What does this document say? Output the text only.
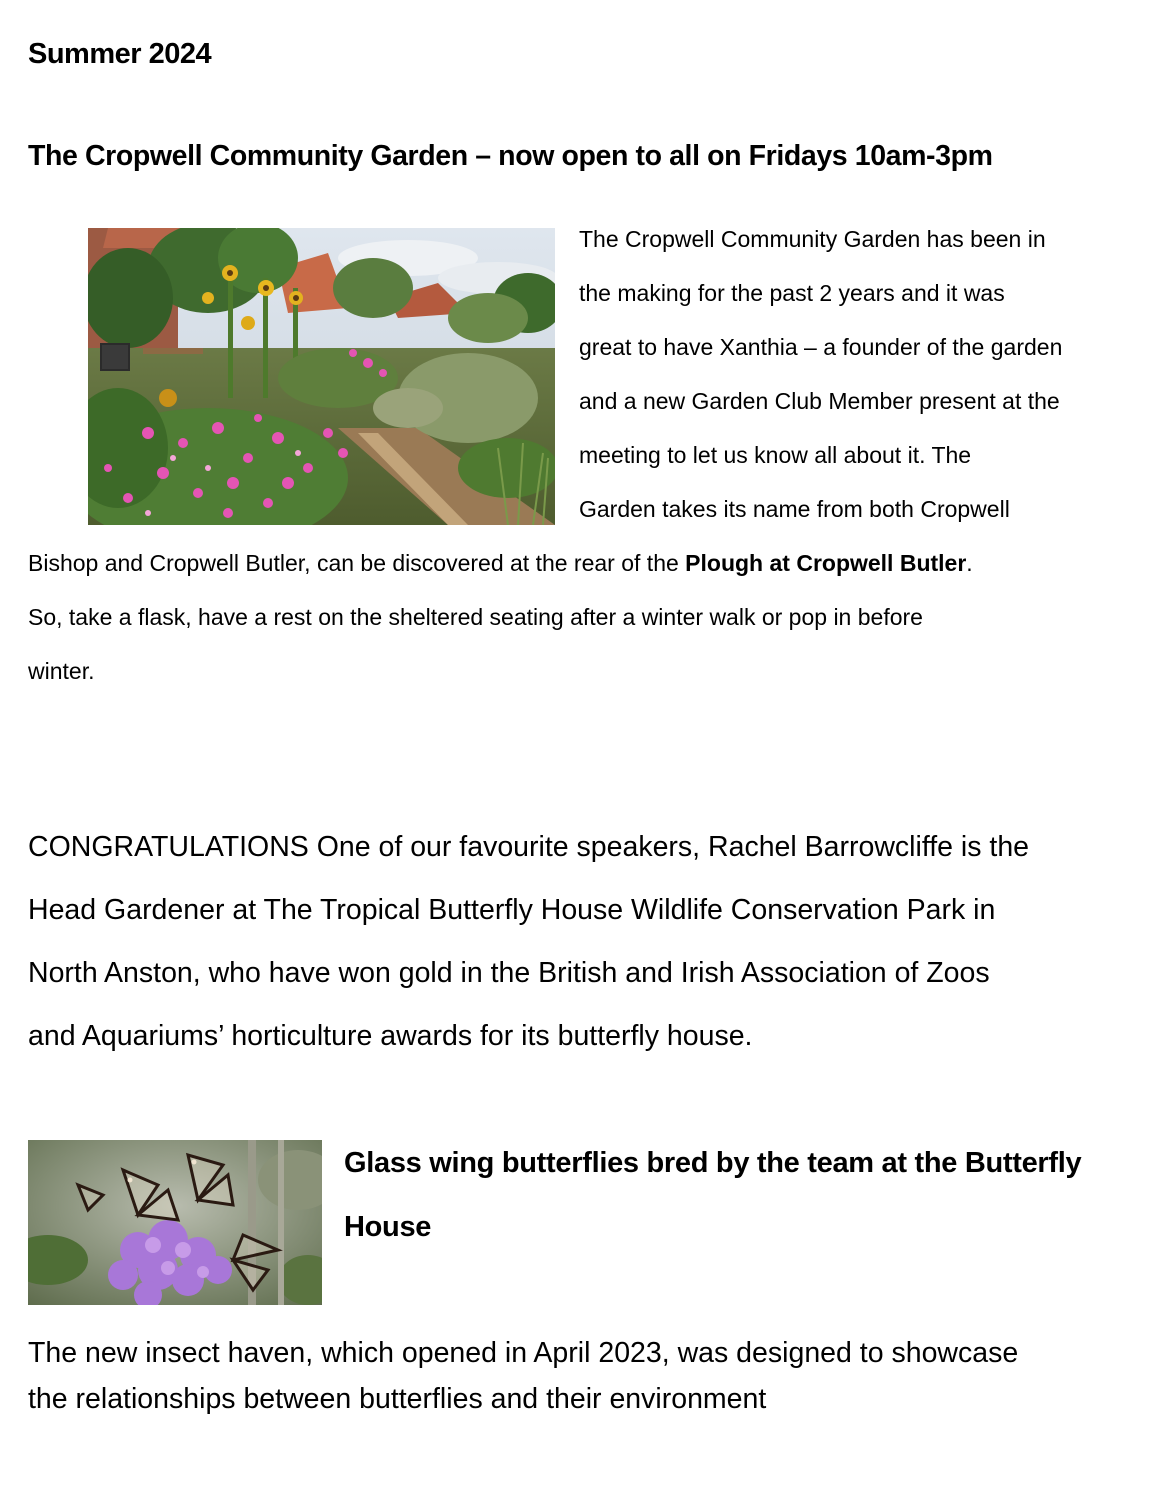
Summer 2024
The Cropwell Community Garden – now open to all on Fridays 10am-3pm
The Cropwell Community Garden has been in
the making for the past 2 years and it was
great to have Xanthia – a founder of the garden
and a new Garden Club Member present at the
meeting to let us know all about it. The
Garden takes its name from both Cropwell
Bishop and Cropwell Butler, can be discovered at the rear of the Plough at Cropwell Butler.
So, take a flask, have a rest on the sheltered seating after a winter walk or pop in before
winter.
CONGRATULATIONS One of our favourite speakers, Rachel Barrowcliffe is the
Head Gardener at The Tropical Butterfly House Wildlife Conservation Park in
North Anston, who have won gold in the British and Irish Association of Zoos
and Aquariums’ horticulture awards for its butterfly house.
Glass wing butterflies bred by the team at the Butterfly
House
The new insect haven, which opened in April 2023, was designed to showcase
the relationships between butterflies and their environment
